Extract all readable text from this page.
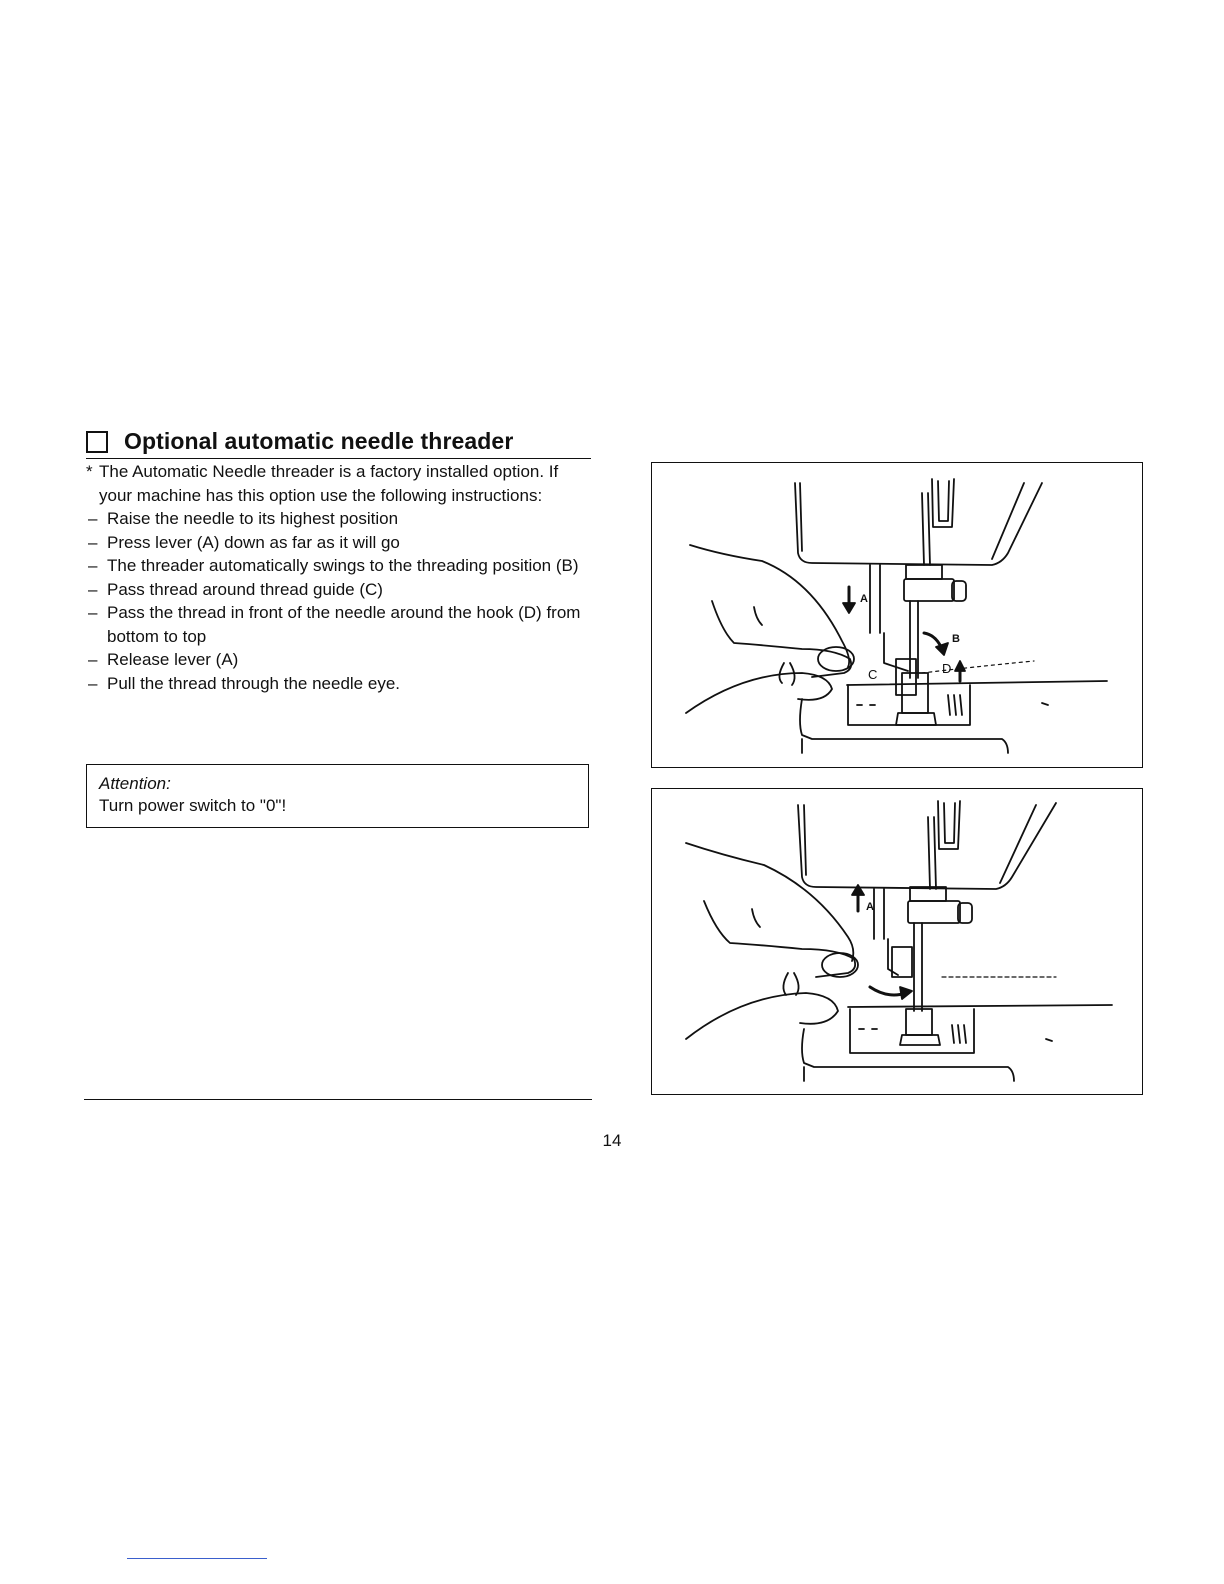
Optional automatic needle threader
* The Automatic Needle threader is a factory installed option. If your machine has this option use the following instructions:
– Raise the needle to its highest position
– Press lever (A) down as far as it will go
– The threader automatically swings to the threading position (B)
– Pass thread around thread guide (C)
– Pass the thread in front of the needle around the hook (D) from bottom to top
– Release lever (A)
– Pull the thread through the needle eye.
Attention:
Turn power switch to "0"!
14
A
B
C	D
A
